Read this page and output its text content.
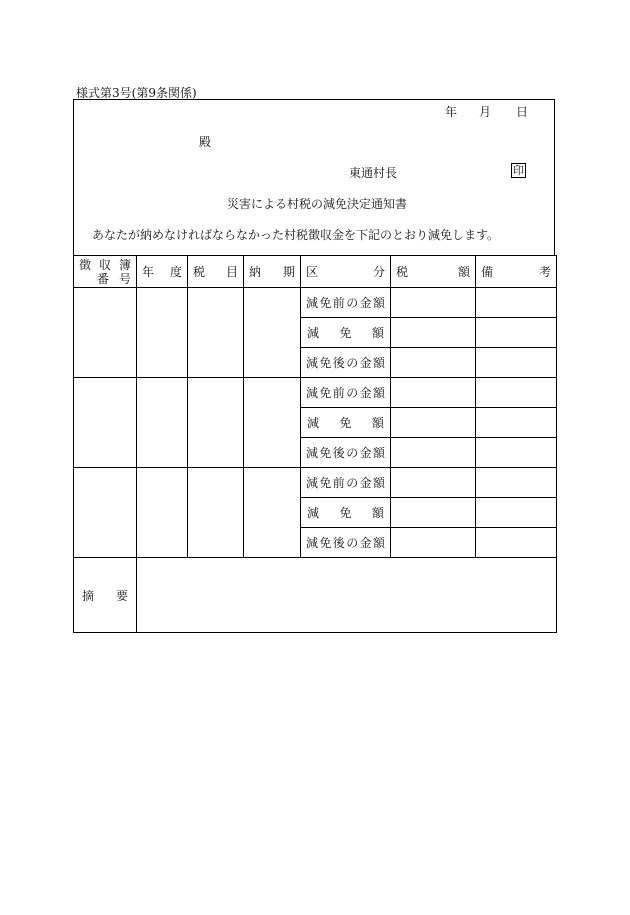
様式第3号(第9条関係)
年 月 日
殿
東通村長
災害による村税の減免決定通知書
あなたが納めなければならなかった村税徴収金を下記のとおり減免します。
印
徴収簿
番号	年度	税目	納期	区分	税額	備考
				減免前の金額		
				減免額		
				減免後の金額		
				減免前の金額		
				減免額		
				減免後の金額		
				減免前の金額		
				減免額		
				減免後の金額		
摘要						
